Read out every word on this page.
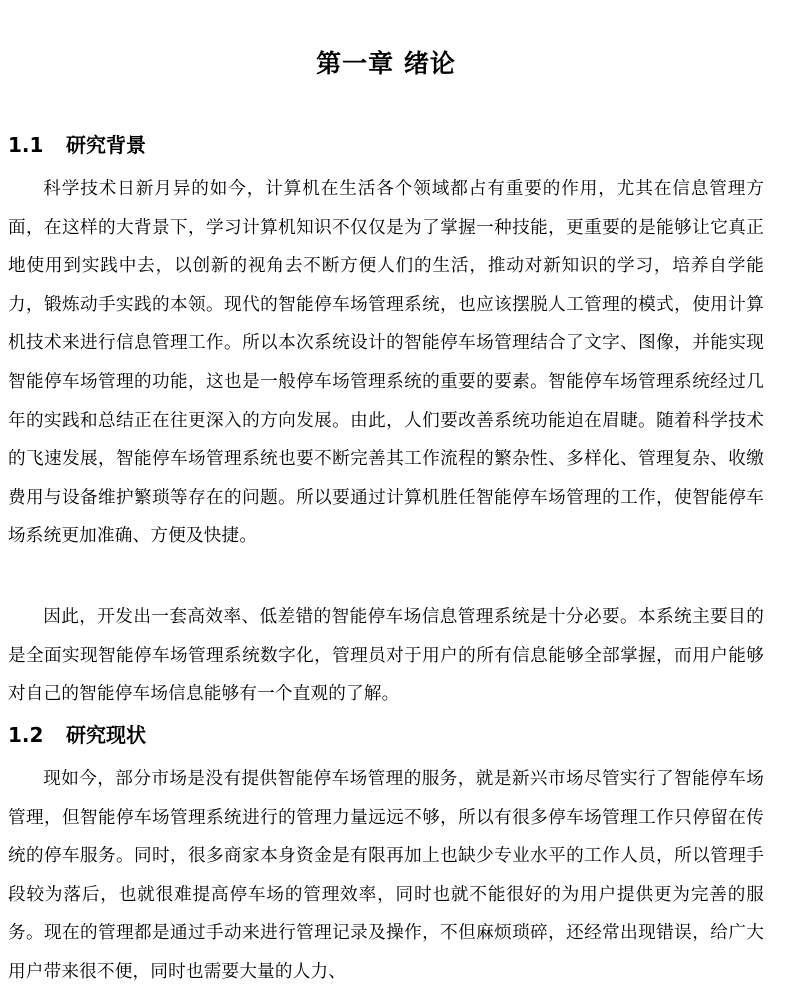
第一章 绪论
1.1 研究背景

科学技术日新月异的如今，计算机在生活各个领域都占有重要的作用，尤其在信息管理方面，在这样的大背景下，学习计算机知识不仅仅是为了掌握一种技能，更重要的是能够让它真正地使用到实践中去，以创新的视角去不断方便人们的生活，推动对新知识的学习，培养自学能力，锻炼动手实践的本领。现代的智能停车场管理系统，也应该摆脱人工管理的模式，使用计算机技术来进行信息管理工作。所以本次系统设计的智能停车场管理结合了文字、图像，并能实现智能停车场管理的功能，这也是一般停车场管理系统的重要的要素。智能停车场管理系统经过几年的实践和总结正在往更深入的方向发展。由此，人们要改善系统功能迫在眉睫。随着科学技术的飞速发展，智能停车场管理系统也要不断完善其工作流程的繁杂性、多样化、管理复杂、收缴费用与设备维护繁琐等存在的问题。所以要通过计算机胜任智能停车场管理的工作，使智能停车场系统更加准确、方便及快捷。

因此，开发出一套高效率、低差错的智能停车场信息管理系统是十分必要。本系统主要目的是全面实现智能停车场管理系统数字化，管理员对于用户的所有信息能够全部掌握，而用户能够对自己的智能停车场信息能够有一个直观的了解。

1.2 研究现状

现如今，部分市场是没有提供智能停车场管理的服务，就是新兴市场尽管实行了智能停车场管理，但智能停车场管理系统进行的管理力量远远不够，所以有很多停车场管理工作只停留在传统的停车服务。同时，很多商家本身资金是有限再加上也缺少专业水平的工作人员，所以管理手段较为落后，也就很难提高停车场的管理效率，同时也就不能很好的为用户提供更为完善的服务。现在的管理都是通过手动来进行管理记录及操作，不但麻烦琐碎，还经常出现错误，给广大用户带来很不便，同时也需要大量的人力、
